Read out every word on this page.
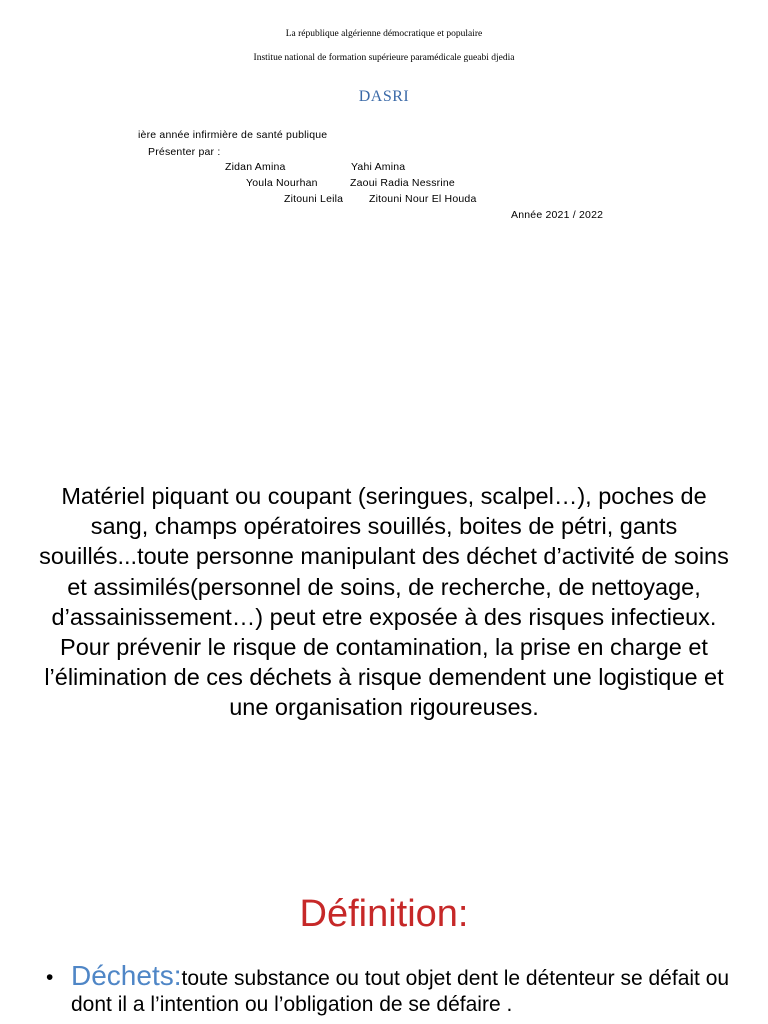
La république algérienne démocratique et populaire
Institue national de formation supérieure paramédicale gueabi djedia
DASRI
ière année infirmière de santé publique
Présenter par :
Zidan Amina	Yahi Amina
Youla Nourhan	Zaoui Radia Nessrine
Zitouni Leila Zitouni Nour El Houda
Année 2021 / 2022
Matériel piquant ou coupant (seringues, scalpel…), poches de sang, champs opératoires souillés, boites de pétri, gants souillés...toute personne manipulant des déchet d’activité de soins et assimilés(personnel de soins, de recherche, de nettoyage, d’assainissement…) peut etre exposée à des risques infectieux. Pour prévenir le risque de contamination, la prise en charge et l’élimination de ces déchets à risque demendent une logistique et une organisation rigoureuses.
Définition:
• Déchets:toute substance ou tout objet dent le détenteur se défait ou dont il a l’intention ou l’obligation de se défaire .
